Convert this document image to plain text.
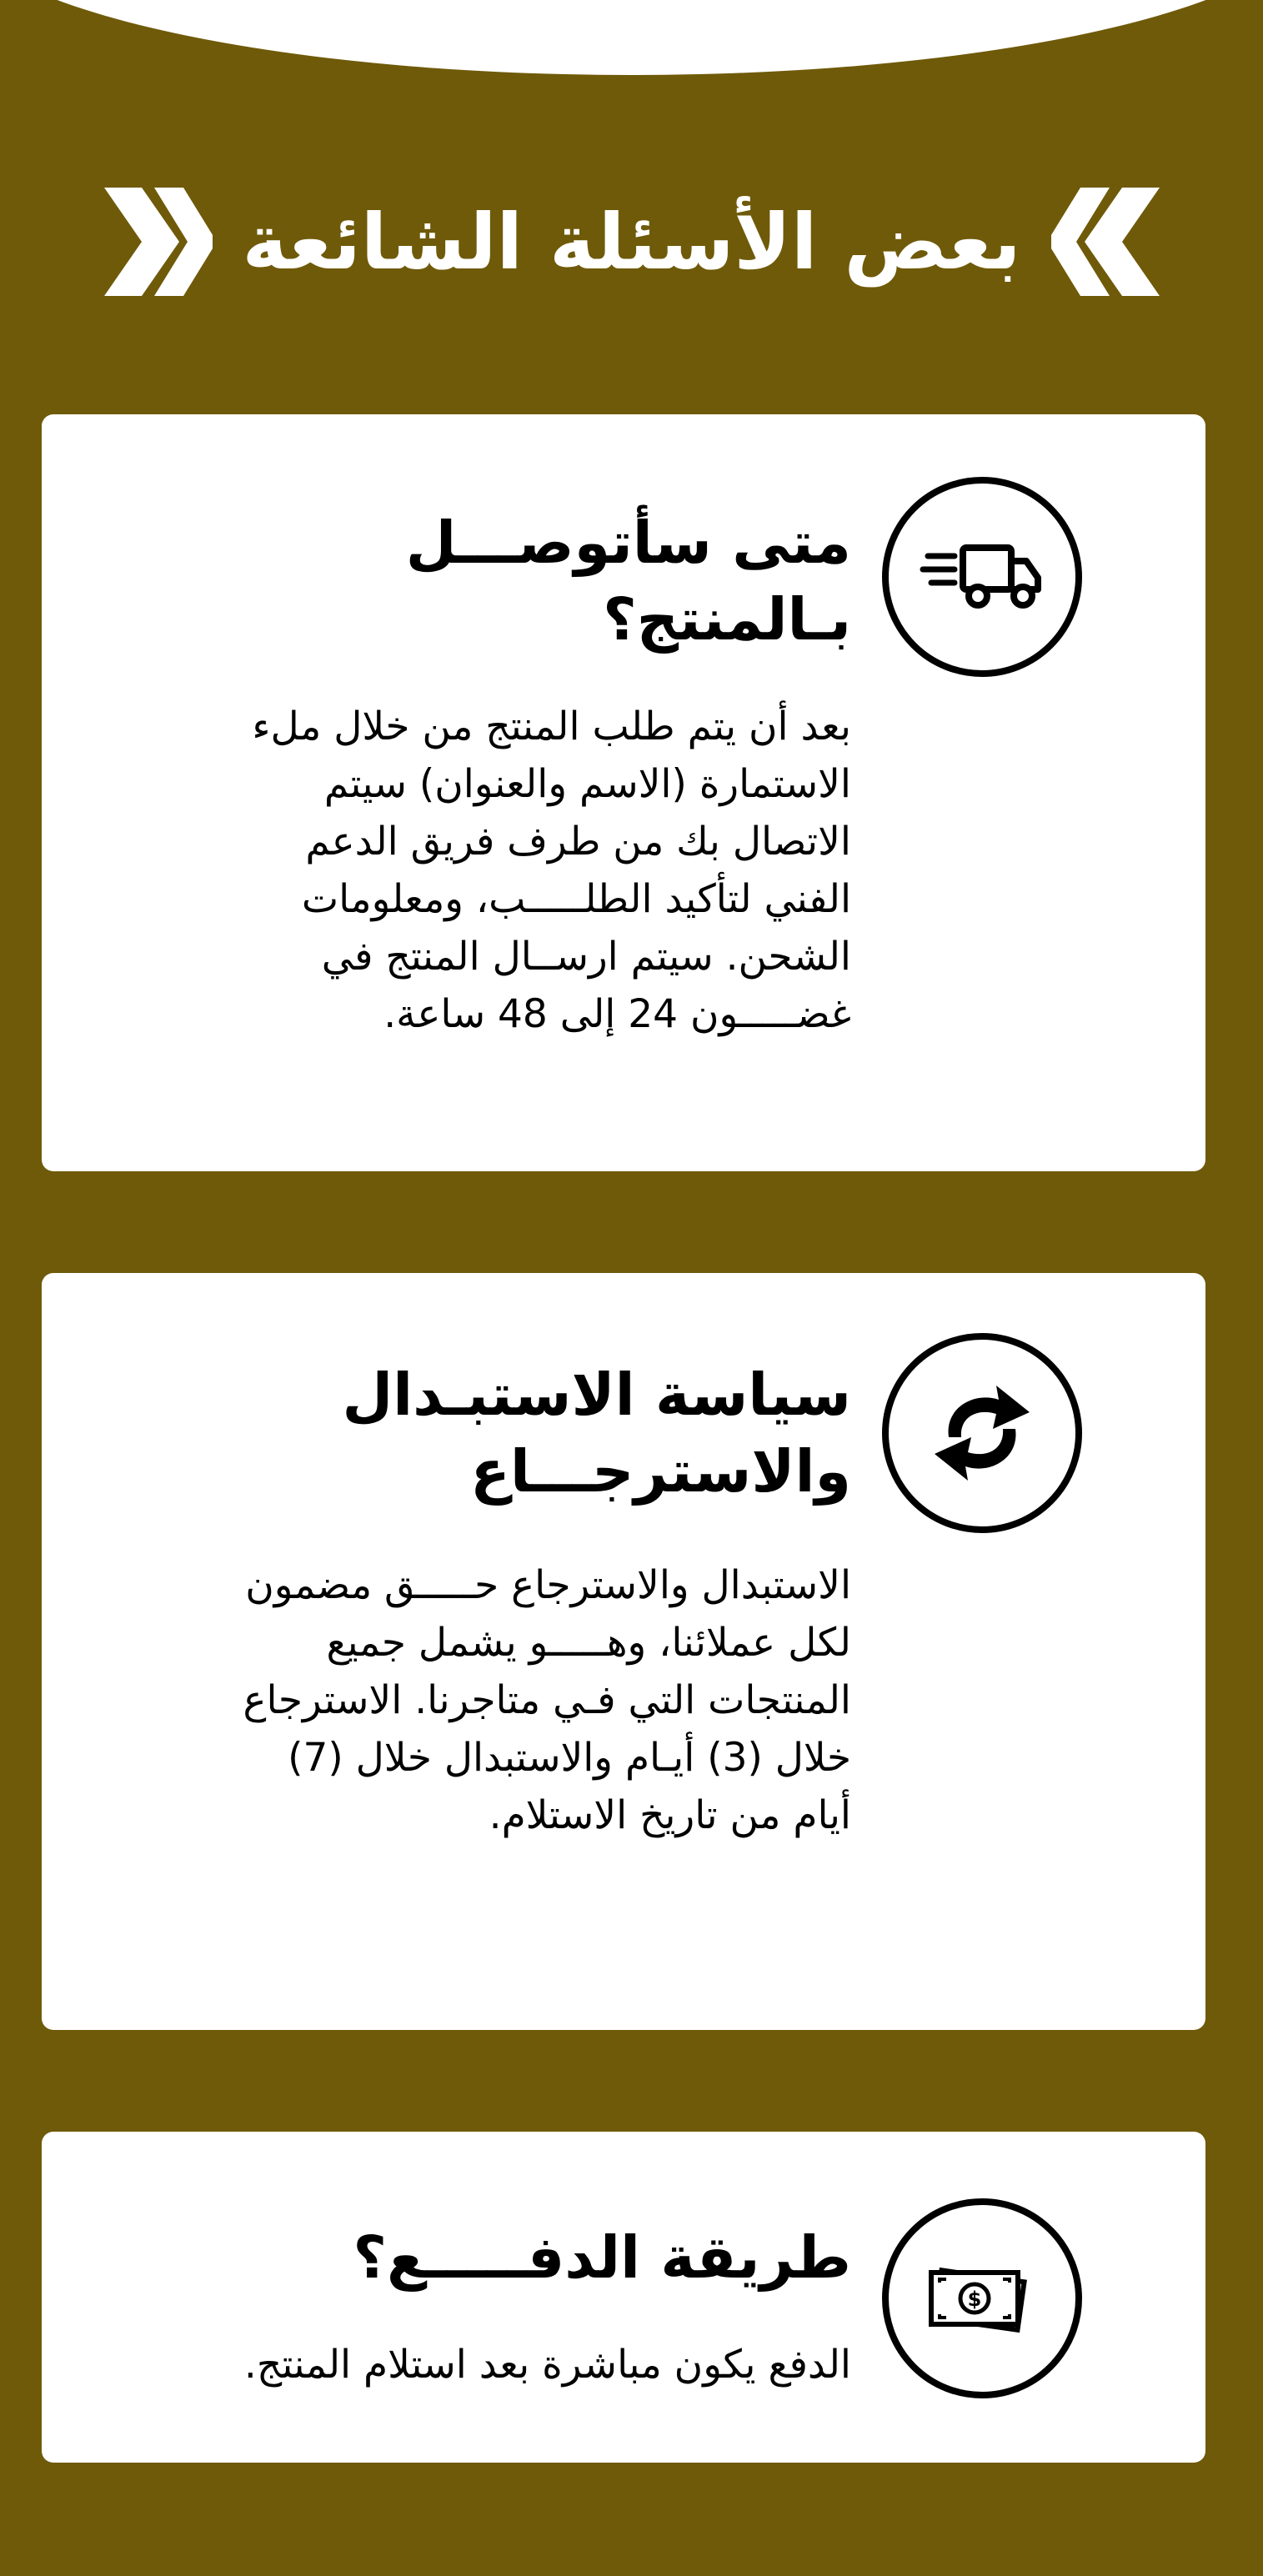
بعض الأسئلة الشائعة
متى سأتوصـــل بـالمنتج؟
بعد أن يتم طلب المنتج من خلال ملء الاستمارة (الاسم والعنوان) سيتم الاتصال بك من طرف فريق الدعم الفني لتأكيد الطلـــــب، ومعلومات الشحن. سيتم ارســال المنتج في غضـــــون 24 إلى 48 ساعة.
سياسة الاستبـدال والاسترجـــاع
الاستبدال والاسترجاع حـــــق مضمون لكل عملائنا، وهـــــو يشمل جميع المنتجات التي فـي متاجرنا. الاسترجاع خلال (3) أيـام والاستبدال خلال (7) أيام من تاريخ الاستلام.
$
طريقة الدفـــــع؟
الدفع يكون مباشرة بعد استلام المنتج.
